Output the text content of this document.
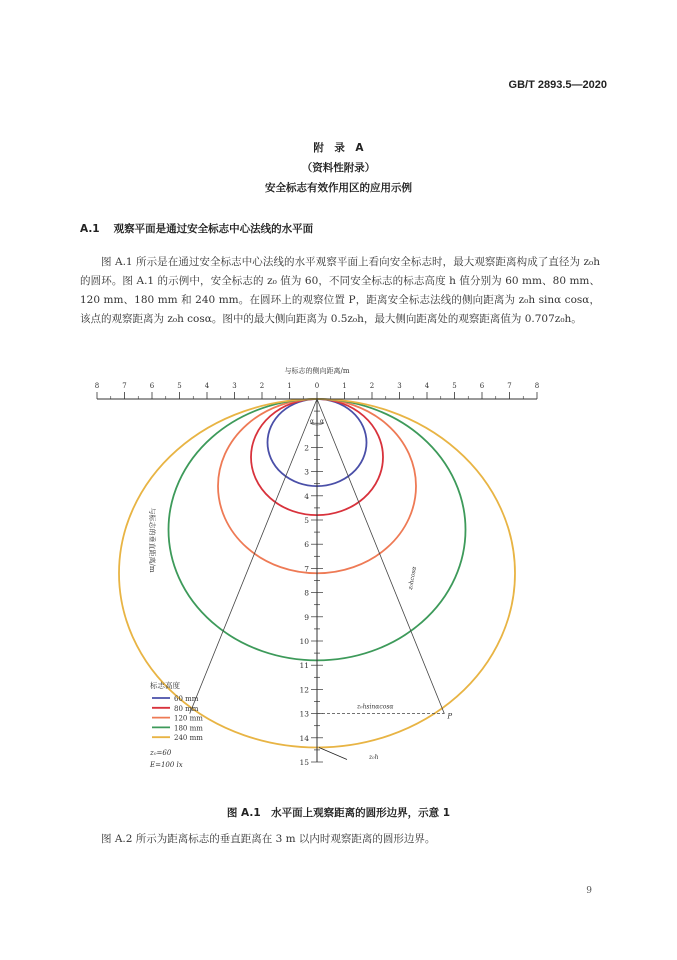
GB/T 2893.5—2020
附　录　A
（资料性附录）
安全标志有效作用区的应用示例
A.1 观察平面是通过安全标志中心法线的水平面
图 A.1 所示是在通过安全标志中心法线的水平观察平面上看向安全标志时，最大观察距离构成了直径为 z₀h 的圆环。图 A.1 的示例中，安全标志的 z₀ 值为 60，不同安全标志的标志高度 h 值分别为 60 mm、80 mm、120 mm、180 mm 和 240 mm。在圆环上的观察位置 P，距离安全标志法线的侧向距离为 z₀h sinα cosα，该点的观察距离为 z₀h cosα。图中的最大侧向距离为 0.5z₀h，最大侧向距离处的观察距离值为 0.707z₀h。
8	7	6	5	4	3	2	1	0	1	2	3	4	5	6	7	8
与标志的侧向距离/m
2
3
4
5
6
7
8
9
10
11
12
13
14
15
与标志的垂直距离/m
P
z₀hsinαcosα
z₀hcosα
z₀h
α α
标志高度
60 mm
80 mm
120 mm
180 mm
240 mm
z₀=60
E=100 lx
图 A.1　水平面上观察距离的圆形边界，示意 1
图 A.2 所示为距离标志的垂直距离在 3 m 以内时观察距离的圆形边界。
9
